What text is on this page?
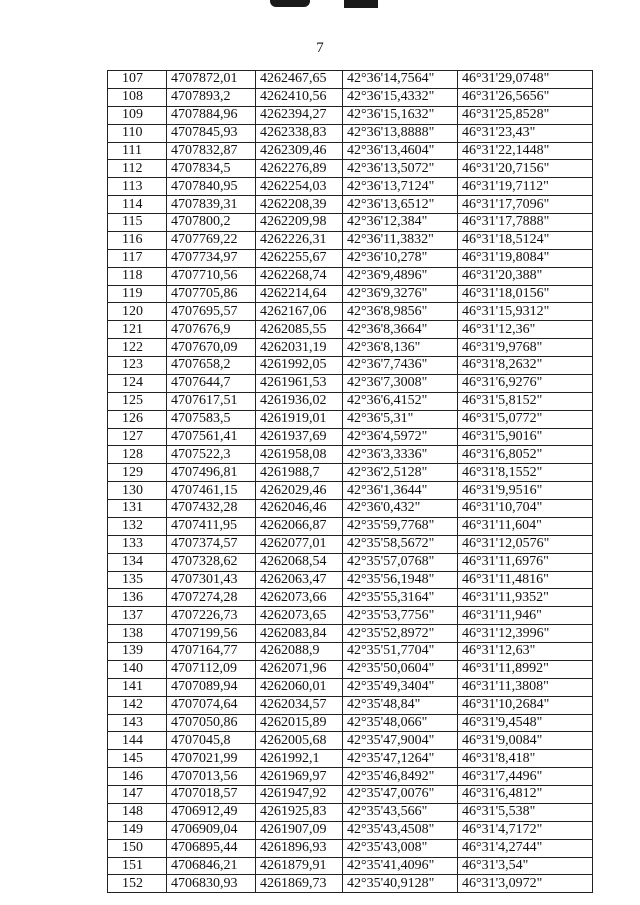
7
107	4707872,01	4262467,65	42°36'14,7564"	46°31'29,0748"
108	4707893,2	4262410,56	42°36'15,4332"	46°31'26,5656"
109	4707884,96	4262394,27	42°36'15,1632"	46°31'25,8528"
110	4707845,93	4262338,83	42°36'13,8888"	46°31'23,43"
111	4707832,87	4262309,46	42°36'13,4604"	46°31'22,1448"
112	4707834,5	4262276,89	42°36'13,5072"	46°31'20,7156"
113	4707840,95	4262254,03	42°36'13,7124"	46°31'19,7112"
114	4707839,31	4262208,39	42°36'13,6512"	46°31'17,7096"
115	4707800,2	4262209,98	42°36'12,384"	46°31'17,7888"
116	4707769,22	4262226,31	42°36'11,3832"	46°31'18,5124"
117	4707734,97	4262255,67	42°36'10,278"	46°31'19,8084"
118	4707710,56	4262268,74	42°36'9,4896"	46°31'20,388"
119	4707705,86	4262214,64	42°36'9,3276"	46°31'18,0156"
120	4707695,57	4262167,06	42°36'8,9856"	46°31'15,9312"
121	4707676,9	4262085,55	42°36'8,3664"	46°31'12,36"
122	4707670,09	4262031,19	42°36'8,136"	46°31'9,9768"
123	4707658,2	4261992,05	42°36'7,7436"	46°31'8,2632"
124	4707644,7	4261961,53	42°36'7,3008"	46°31'6,9276"
125	4707617,51	4261936,02	42°36'6,4152"	46°31'5,8152"
126	4707583,5	4261919,01	42°36'5,31"	46°31'5,0772"
127	4707561,41	4261937,69	42°36'4,5972"	46°31'5,9016"
128	4707522,3	4261958,08	42°36'3,3336"	46°31'6,8052"
129	4707496,81	4261988,7	42°36'2,5128"	46°31'8,1552"
130	4707461,15	4262029,46	42°36'1,3644"	46°31'9,9516"
131	4707432,28	4262046,46	42°36'0,432"	46°31'10,704"
132	4707411,95	4262066,87	42°35'59,7768"	46°31'11,604"
133	4707374,57	4262077,01	42°35'58,5672"	46°31'12,0576"
134	4707328,62	4262068,54	42°35'57,0768"	46°31'11,6976"
135	4707301,43	4262063,47	42°35'56,1948"	46°31'11,4816"
136	4707274,28	4262073,66	42°35'55,3164"	46°31'11,9352"
137	4707226,73	4262073,65	42°35'53,7756"	46°31'11,946"
138	4707199,56	4262083,84	42°35'52,8972"	46°31'12,3996"
139	4707164,77	4262088,9	42°35'51,7704"	46°31'12,63"
140	4707112,09	4262071,96	42°35'50,0604"	46°31'11,8992"
141	4707089,94	4262060,01	42°35'49,3404"	46°31'11,3808"
142	4707074,64	4262034,57	42°35'48,84"	46°31'10,2684"
143	4707050,86	4262015,89	42°35'48,066"	46°31'9,4548"
144	4707045,8	4262005,68	42°35'47,9004"	46°31'9,0084"
145	4707021,99	4261992,1	42°35'47,1264"	46°31'8,418"
146	4707013,56	4261969,97	42°35'46,8492"	46°31'7,4496"
147	4707018,57	4261947,92	42°35'47,0076"	46°31'6,4812"
148	4706912,49	4261925,83	42°35'43,566"	46°31'5,538"
149	4706909,04	4261907,09	42°35'43,4508"	46°31'4,7172"
150	4706895,44	4261896,93	42°35'43,008"	46°31'4,2744"
151	4706846,21	4261879,91	42°35'41,4096"	46°31'3,54"
152	4706830,93	4261869,73	42°35'40,9128"	46°31'3,0972"
